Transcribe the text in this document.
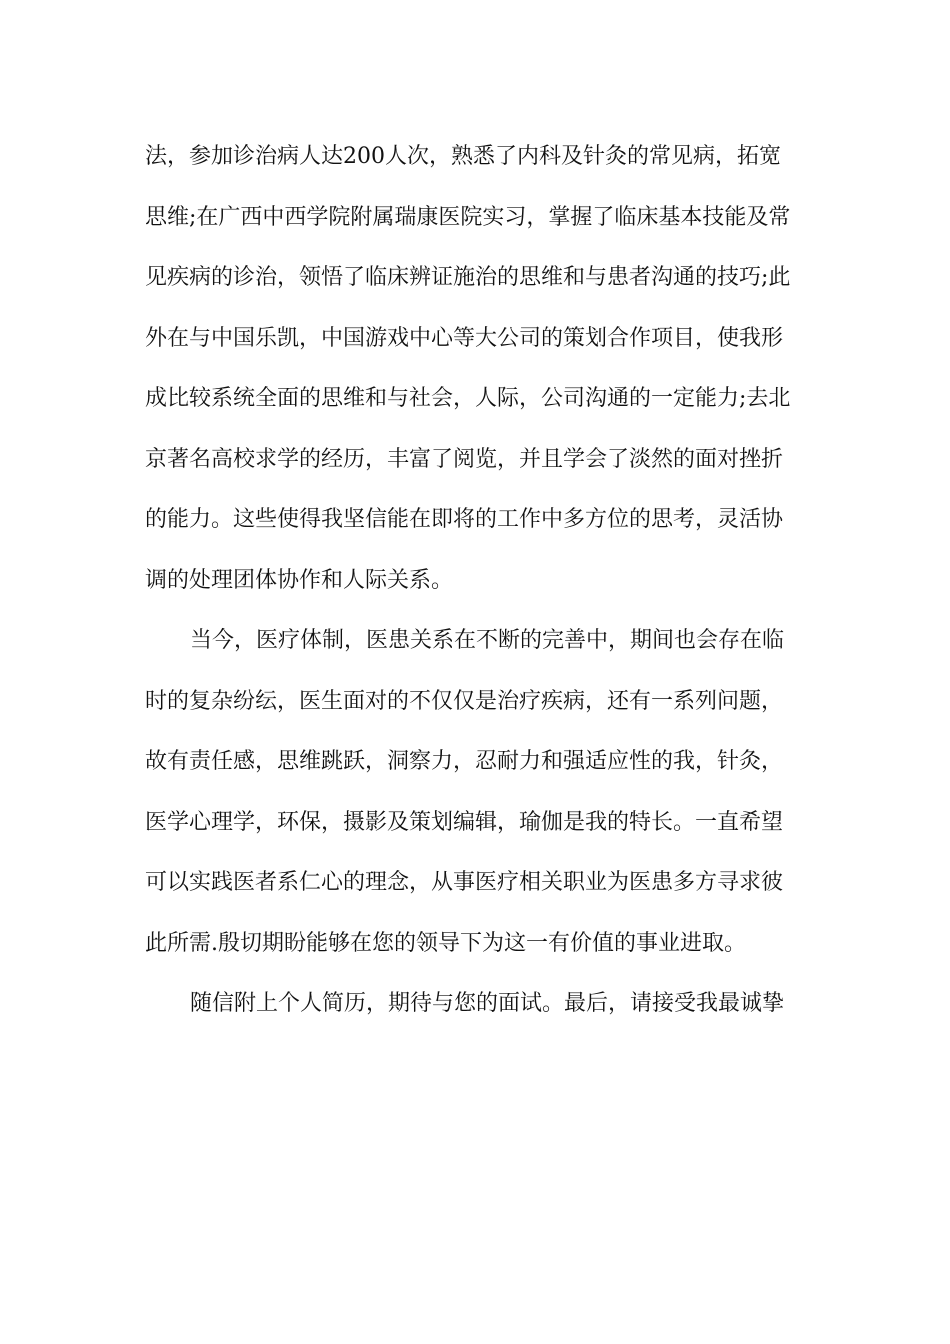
法，参加诊治病人达200人次，熟悉了内科及针灸的常见病，拓宽
思维;在广西中西学院附属瑞康医院实习，掌握了临床基本技能及常
见疾病的诊治，领悟了临床辨证施治的思维和与患者沟通的技巧;此
外在与中国乐凯，中国游戏中心等大公司的策划合作项目，使我形
成比较系统全面的思维和与社会，人际，公司沟通的一定能力;去北
京著名高校求学的经历，丰富了阅览，并且学会了淡然的面对挫折
的能力。这些使得我坚信能在即将的工作中多方位的思考，灵活协
调的处理团体协作和人际关系。
当今，医疗体制，医患关系在不断的完善中，期间也会存在临
时的复杂纷纭，医生面对的不仅仅是治疗疾病，还有一系列问题，
故有责任感，思维跳跃，洞察力，忍耐力和强适应性的我，针灸，
医学心理学，环保，摄影及策划编辑，瑜伽是我的特长。一直希望
可以实践医者系仁心的理念，从事医疗相关职业为医患多方寻求彼
此所需.殷切期盼能够在您的领导下为这一有价值的事业进取。
随信附上个人简历，期待与您的面试。最后，请接受我最诚挚
